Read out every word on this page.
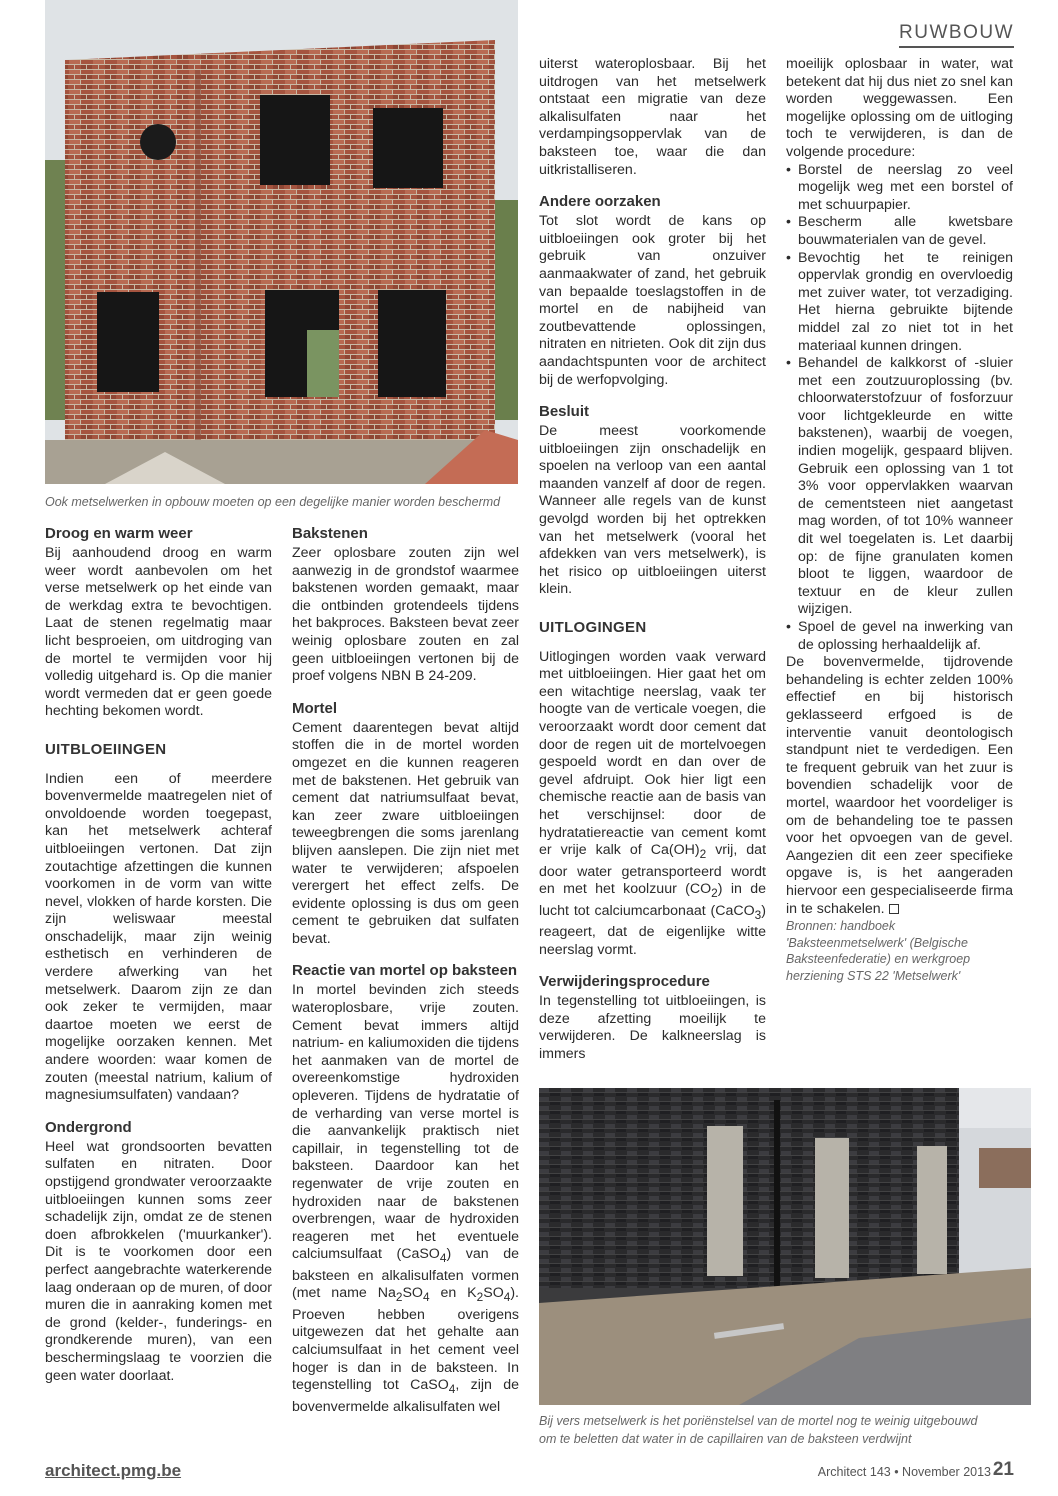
RUWBOUW
Ook metselwerken in opbouw moeten op een degelijke manier worden beschermd
Droog en warm weer

Bij aanhoudend droog en warm weer wordt aanbevolen om het verse metselwerk op het einde van de werkdag extra te bevochtigen. Laat de stenen regelmatig maar licht besproeien, om uitdroging van de mortel te vermijden voor hij volledig uitgehard is. Op die manier wordt vermeden dat er geen goede hechting bekomen wordt.

UITBLOEIINGEN

Indien een of meerdere bovenvermelde maatregelen niet of onvoldoende worden toegepast, kan het metselwerk achteraf uitbloeiingen vertonen. Dat zijn zoutachtige afzettingen die kunnen voorkomen in de vorm van witte nevel, vlokken of harde korsten. Die zijn weliswaar meestal onschadelijk, maar zijn weinig esthetisch en verhinderen de verdere afwerking van het metselwerk. Daarom zijn ze dan ook zeker te vermijden, maar daartoe moeten we eerst de mogelijke oorzaken kennen. Met andere woorden: waar komen de zouten (meestal natrium, kalium of magnesiumsulfaten) vandaan?

Ondergrond

Heel wat grondsoorten bevatten sulfaten en nitraten. Door opstijgend grondwater veroorzaakte uitbloeiingen kunnen soms zeer schadelijk zijn, omdat ze de stenen doen afbrokkelen ('muurkanker'). Dit is te voorkomen door een perfect aangebrachte waterkerende laag onderaan op de muren, of door muren die in aanraking komen met de grond (kelder-, funderings- en grondkerende muren), van een beschermingslaag te voorzien die geen water doorlaat.

Bakstenen

Zeer oplosbare zouten zijn wel aanwezig in de grondstof waarmee bakstenen worden gemaakt, maar die ontbinden grotendeels tijdens het bakproces. Baksteen bevat zeer weinig oplosbare zouten en zal geen uitbloeiingen vertonen bij de proef volgens NBN B 24-209.

Mortel

Cement daarentegen bevat altijd stoffen die in de mortel worden omgezet en die kunnen reageren met de bakstenen. Het gebruik van cement dat natriumsulfaat bevat, kan zeer zware uitbloeiingen teweegbrengen die soms jarenlang blijven aanslepen. Die zijn niet met water te verwijderen; afspoelen verergert het effect zelfs. De evidente oplossing is dus om geen cement te gebruiken dat sulfaten bevat.

Reactie van mortel op baksteen

In mortel bevinden zich steeds wateroplosbare, vrije zouten. Cement bevat immers altijd natrium- en kaliumoxiden die tijdens het aanmaken van de mortel de overeenkomstige hydroxiden opleveren. Tijdens de hydratatie of de verharding van verse mortel is die aanvankelijk praktisch niet capillair, in tegenstelling tot de baksteen. Daardoor kan het regenwater de vrije zouten en hydroxiden naar de bakstenen overbrengen, waar de hydroxiden reageren met het eventuele calciumsulfaat (CaSO$_4$) van de baksteen en alkalisulfaten vormen (met name $Na_2SO_4$ en $K_2SO_4$). Proeven hebben overigens uitgewezen dat het gehalte aan calciumsulfaat in het cement veel hoger is dan in de baksteen. In tegenstelling tot CaSO$_4$, zijn de bovenvermelde alkalisulfaten wel

uiterst wateroplosbaar. Bij het uitdrogen van het metselwerk ontstaat een migratie van deze alkalisulfaten naar het verdampingsoppervlak van de baksteen toe, waar die dan uitkristalliseren.

Andere oorzaken

Tot slot wordt de kans op uitbloeiingen ook groter bij het gebruik van onzuiver aanmaakwater of zand, het gebruik van bepaalde toeslagstoffen in de mortel en de nabijheid van zoutbevattende oplossingen, nitraten en nitrieten. Ook dit zijn dus aandachtspunten voor de architect bij de werfopvolging.

Besluit

De meest voorkomende uitbloeiingen zijn onschadelijk en spoelen na verloop van een aantal maanden vanzelf af door de regen. Wanneer alle regels van de kunst gevolgd worden bij het optrekken van het metselwerk (vooral het afdekken van vers metselwerk), is het risico op uitbloeiingen uiterst klein.

UITLOGINGEN

Uitlogingen worden vaak verward met uitbloeiingen. Hier gaat het om een witachtige neerslag, vaak ter hoogte van de verticale voegen, die veroorzaakt wordt door cement dat door de regen uit de mortelvoegen gespoeld wordt en dan over de gevel afdruipt. Ook hier ligt een chemische reactie aan de basis van het verschijnsel: door de hydratatiereactie van cement komt er vrije kalk of $Ca(OH)_2$ vrij, dat door water getransporteerd wordt en met het koolzuur $(CO_2)$ in de lucht tot calciumcarbonaat (CaCO$_3$) reageert, dat de eigenlijke witte neerslag vormt.

Verwijderingsprocedure

In tegenstelling tot uitbloeiingen, is deze afzetting moeilijk te verwijderen. De kalkneerslag is immers

moeilijk oplosbaar in water, wat betekent dat hij dus niet zo snel kan worden weggewassen. Een mogelijke oplossing om de uitloging toch te verwijderen, is dan de volgende procedure:

• Borstel de neerslag zo veel mogelijk weg met een borstel of met schuurpapier.
• Bescherm alle kwetsbare bouwmaterialen van de gevel.
• Bevochtig het te reinigen oppervlak grondig en overvloedig met zuiver water, tot verzadiging. Het hierna gebruikte bijtende middel zal zo niet tot in het materiaal kunnen dringen.
• Behandel de kalkkorst of -sluier met een zoutzuuroplossing (bv. chloorwaterstofzuur of fosforzuur voor lichtgekleurde en witte bakstenen), waarbij de voegen, indien mogelijk, gespaard blijven. Gebruik een oplossing van 1 tot 3% voor oppervlakken waarvan de cementsteen niet aangetast mag worden, of tot 10% wanneer dit wel toegelaten is. Let daarbij op: de fijne granulaten komen bloot te liggen, waardoor de textuur en de kleur zullen wijzigen.
• Spoel de gevel na inwerking van de oplossing herhaaldelijk af.

De bovenvermelde, tijdrovende behandeling is echter zelden 100% effectief en bij historisch geklasseerd erfgoed is de interventie vanuit deontologisch standpunt niet te verdedigen. Een te frequent gebruik van het zuur is bovendien schadelijk voor de mortel, waardoor het voordeliger is om de behandeling toe te passen voor het opvoegen van de gevel. Aangezien dit een zeer specifieke opgave is, is het aangeraden hiervoor een gespecialiseerde firma in te schakelen.

Bronnen: handboek 'Baksteenmetselwerk' (Belgische Baksteenfederatie) en werkgroep herziening STS 22 'Metselwerk'

Bij vers metselwerk is het poriënstelsel van de mortel nog te weinig uitgebouwd
om te beletten dat water in de capillairen van de baksteen verdwijnt
architect.pmg.be	Architect 143 • November 2013 21
